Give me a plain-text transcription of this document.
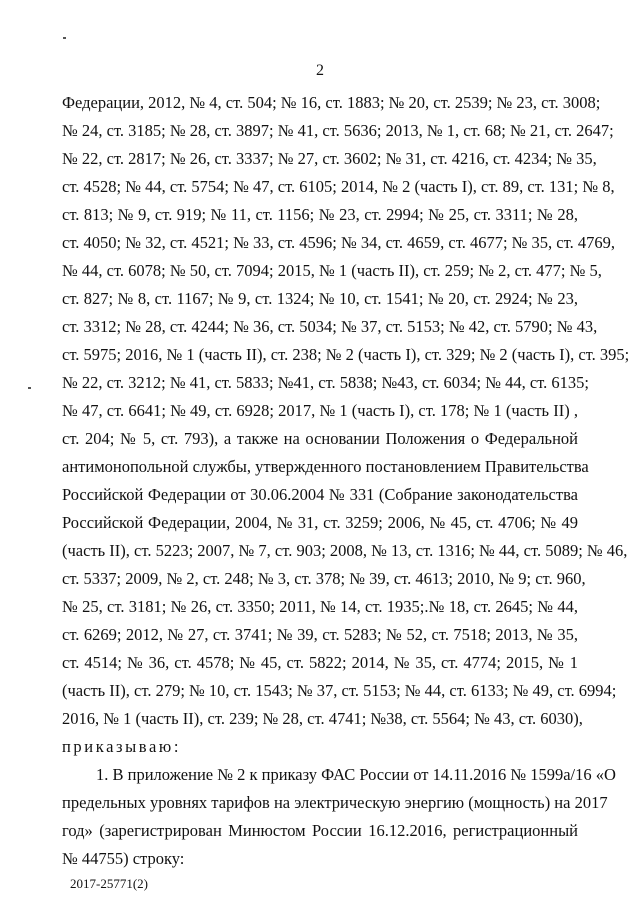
2
Федерации, 2012, № 4, ст. 504; № 16, ст. 1883; № 20, ст. 2539; № 23, ст. 3008;
№ 24, ст. 3185; № 28, ст. 3897; № 41, ст. 5636; 2013, № 1, ст. 68; № 21, ст. 2647;
№ 22, ст. 2817; № 26, ст. 3337; № 27, ст. 3602; № 31, ст. 4216, ст. 4234; № 35,
ст. 4528; № 44, ст. 5754; № 47, ст. 6105; 2014, № 2 (часть I), ст. 89, ст. 131; № 8,
ст. 813; № 9, ст. 919; № 11, ст. 1156; № 23, ст. 2994; № 25, ст. 3311; № 28,
ст. 4050; № 32, ст. 4521; № 33, ст. 4596; № 34, ст. 4659, ст. 4677; № 35, ст. 4769,
№ 44, ст. 6078; № 50, ст. 7094; 2015, № 1 (часть II), ст. 259; № 2, ст. 477; № 5,
ст. 827; № 8, ст. 1167; № 9, ст. 1324; № 10, ст. 1541; № 20, ст. 2924; № 23,
ст. 3312; № 28, ст. 4244; № 36, ст. 5034; № 37, ст. 5153; № 42, ст. 5790; № 43,
ст. 5975; 2016, № 1 (часть II), ст. 238; № 2 (часть I), ст. 329; № 2 (часть I), ст. 395;
№ 22, ст. 3212; № 41, ст. 5833; №41, ст. 5838; №43, ст. 6034; № 44, ст. 6135;
№ 47, ст. 6641; № 49, ст. 6928; 2017, № 1 (часть I), ст. 178; № 1 (часть II) ,
ст. 204; № 5, ст. 793), а также на основании Положения о Федеральной
антимонопольной службы, утвержденного постановлением Правительства
Российской Федерации от 30.06.2004 № 331 (Собрание законодательства
Российской Федерации, 2004, № 31, ст. 3259; 2006, № 45, ст. 4706; № 49
(часть II), ст. 5223; 2007, № 7, ст. 903; 2008, № 13, ст. 1316; № 44, ст. 5089; № 46,
ст. 5337; 2009, № 2, ст. 248; № 3, ст. 378; № 39, ст. 4613; 2010, № 9; ст. 960,
№ 25, ст. 3181; № 26, ст. 3350; 2011, № 14, ст. 1935;.№ 18, ст. 2645; № 44,
ст. 6269; 2012, № 27, ст. 3741; № 39, ст. 5283; № 52, ст. 7518; 2013, № 35,
ст. 4514; № 36, ст. 4578; № 45, ст. 5822; 2014, № 35, ст. 4774; 2015, № 1
(часть II), ст. 279; № 10, ст. 1543; № 37, ст. 5153; № 44, ст. 6133; № 49, ст. 6994;
2016, № 1 (часть II), ст. 239; № 28, ст. 4741; №38, ст. 5564; № 43, ст. 6030),
приказываю:
1. В приложение № 2 к приказу ФАС России от 14.11.2016 № 1599а/16 «О
предельных уровнях тарифов на электрическую энергию (мощность) на 2017
год» (зарегистрирован Минюстом России 16.12.2016, регистрационный
№ 44755) строку:
2017-25771(2)
